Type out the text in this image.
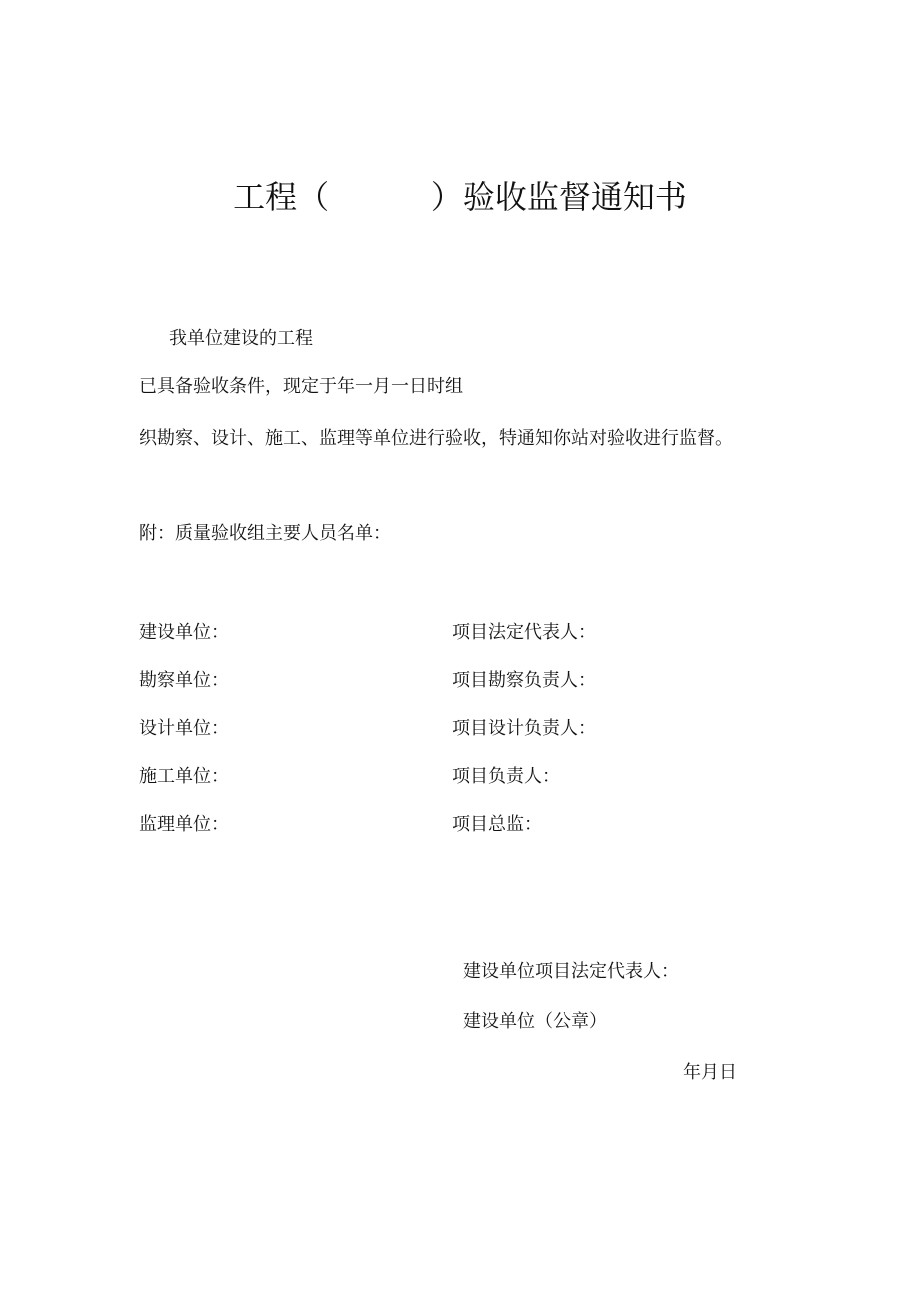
工程（          ）验收监督通知书
我单位建设的工程
已具备验收条件，现定于年一月一日时组
织勘察、设计、施工、监理等单位进行验收，特通知你站对验收进行监督。
附：质量验收组主要人员名单：
建设单位：	项目法定代表人：
勘察单位：	项目勘察负责人：
设计单位：	项目设计负责人：
施工单位：	项目负责人：
监理单位：	项目总监：
建设单位项目法定代表人：
建设单位（公章）
年月日
